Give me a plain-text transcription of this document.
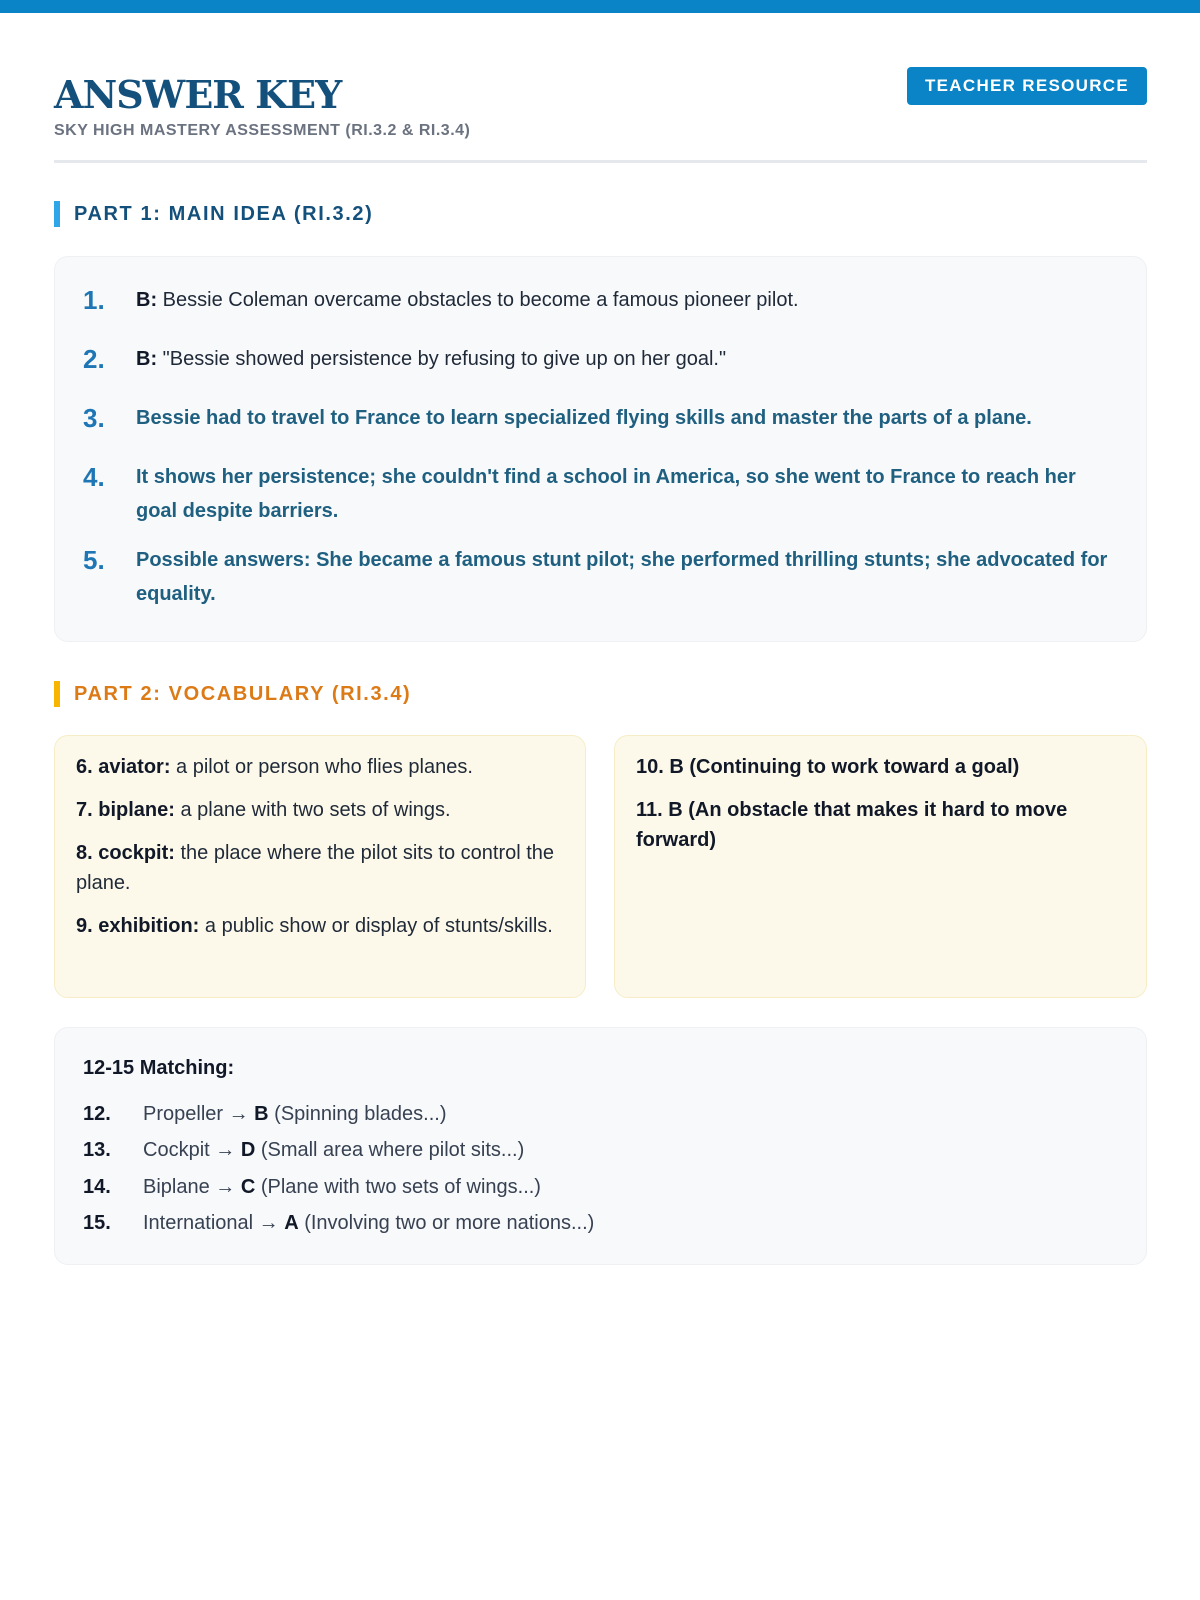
ANSWER KEY
SKY HIGH MASTERY ASSESSMENT (RI.3.2 & RI.3.4)
TEACHER RESOURCE
PART 1: MAIN IDEA (RI.3.2)
1.	B: Bessie Coleman overcame obstacles to become a famous pioneer pilot.
2.	B: "Bessie showed persistence by refusing to give up on her goal."
3.	Bessie had to travel to France to learn specialized flying skills and master the parts of a plane.
4.	It shows her persistence; she couldn't find a school in America, so she went to France to reach her goal despite barriers.
5.	Possible answers: She became a famous stunt pilot; she performed thrilling stunts; she advocated for equality.
PART 2: VOCABULARY (RI.3.4)

6. aviator: a pilot or person who flies planes.

7. biplane: a plane with two sets of wings.

8. cockpit: the place where the pilot sits to control the plane.

9. exhibition: a public show or display of stunts/skills.

10. B (Continuing to work toward a goal)

11. B (An obstacle that makes it hard to move forward)

12-15 Matching:
12.	Propeller → B (Spinning blades...)
13.	Cockpit → D (Small area where pilot sits...)
14.	Biplane → C (Plane with two sets of wings...)
15.	International → A (Involving two or more nations...)
